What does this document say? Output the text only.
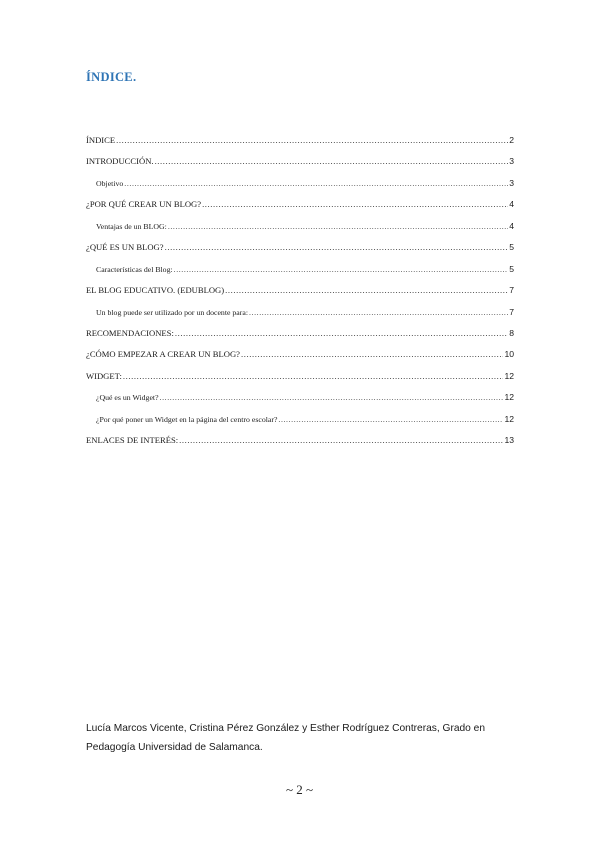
ÍNDICE.
ÍNDICE .....	2
INTRODUCCIÓN. .....	3
Objetivo .....	3
¿POR QUÉ CREAR UN BLOG? .....	4
Ventajas de un BLOG: .....	4
¿QUÉ ES UN BLOG? .....	5
Características del Blog: .....	5
EL BLOG EDUCATIVO. (EDUBLOG) .....	7
Un blog puede ser utilizado por un docente para: .....	7
RECOMENDACIONES: .....	8
¿CÓMO EMPEZAR A CREAR UN BLOG? .....	10
WIDGET: .....	12
¿Qué es un Widget? .....	12
¿Por qué poner un Widget en la página del centro escolar? .....	12
ENLACES DE INTERÉS: .....	13
Lucía Marcos Vicente, Cristina Pérez González y Esther Rodríguez Contreras, Grado en Pedagogía Universidad de Salamanca.
~ 2 ~
